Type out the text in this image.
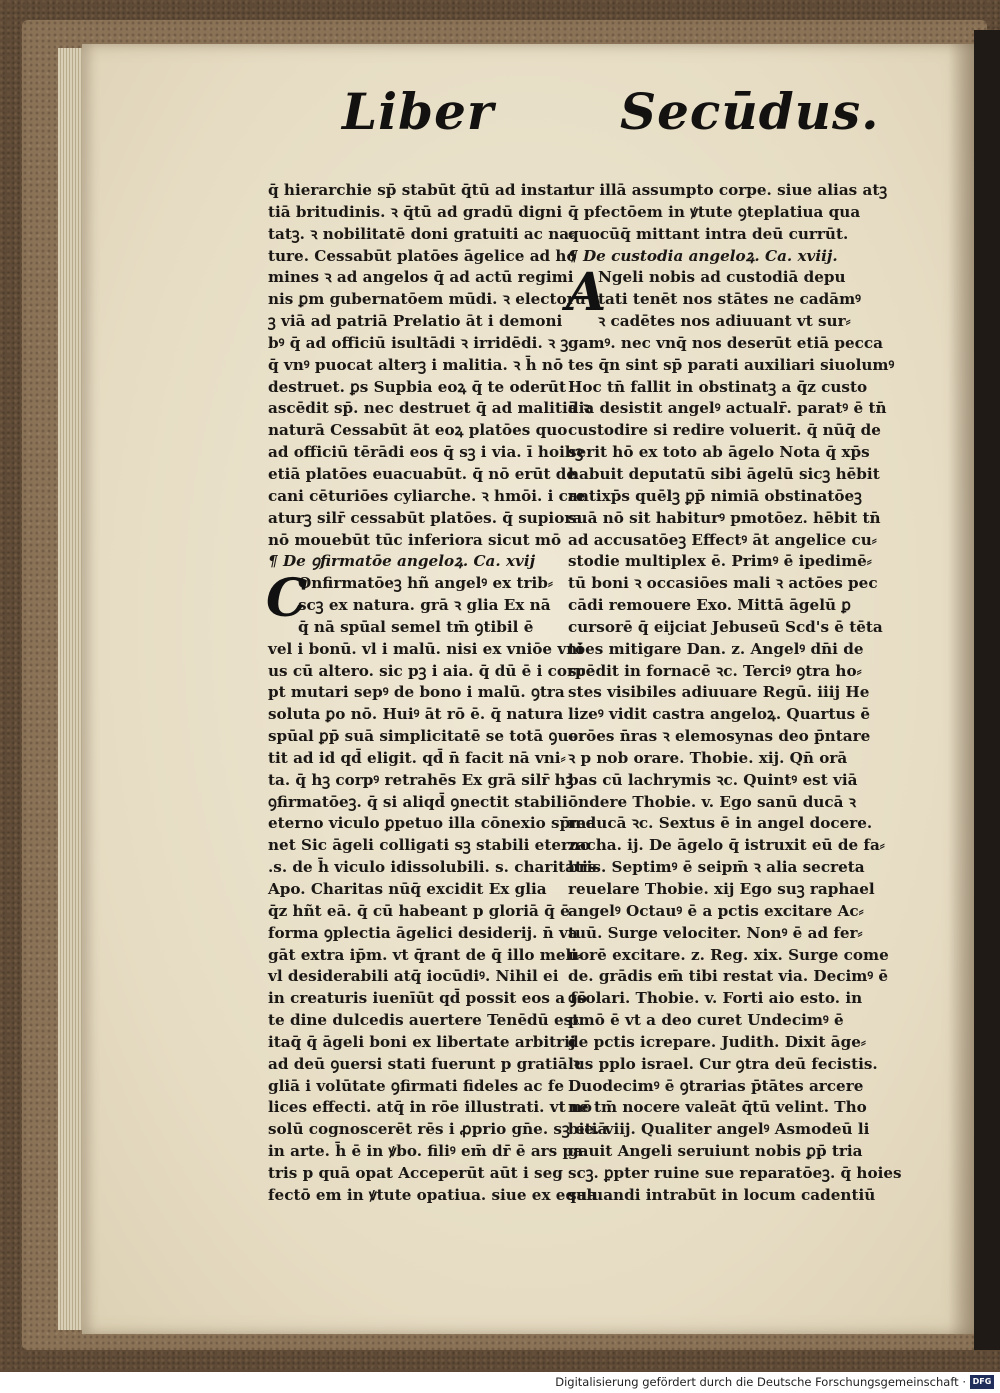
Liber	Secūdus.
q̄ hierarchie sp̄ stabūt q̄tū ad instan
tiā britudinis. ꝛ q̄tū ad gradū digni
tatꝫ. ꝛ nobilitatē doni gratuiti ac na⸗
ture. Cessabūt platōes āgelice ad ho
mines ꝛ ad angelos q̄ ad actū regimi
nis ꝑm gubernatōem mūdi. ꝛ electorū
ꝫ viā ad patriā Prelatio āt i demoni
bꝰ q̄ ad officiū isultādi ꝛ irridēdi. ꝛ ꝫ
q̄ vnꝰ puocat alterꝫ i malitia. ꝛ h̄ nō
destruet. ꝑs Supbia eoꝝ q̄ te oderūt
ascēdit sp̄. nec destruet q̄ ad malitiā ꝛ
naturā Cessabūt āt eoꝝ platōes quo
ad officiū tērādi eos q̄ sꝫ i via. ī hoibꝫ
etiā platōes euacuabūt. q̄ nō erūt de
cani cēturiōes cyliarche. ꝛ hmōi. i cre
aturꝫ silr̄ cessabūt platōes. q̄ supiora
nō mouebūt tūc inferiora sicut mō
¶ De ꝯfirmatōe angeloꝝ. Ca. xvij
C
Onfirmatōeꝫ hñ angelꝰ ex trib⸗
scꝫ ex natura. grā ꝛ glia Ex nā
q̄ nā spūal semel tm̄ ꝯtibil ē
vel i bonū. vl i malū. nisi ex vniōe vni
us cū altero. sic pꝫ i aia. q̄ dū ē i corpe
pt mutari sepꝰ de bono i malū. ꝯtra
soluta ꝑo nō. Huiꝰ āt rō ē. q̄ natura
spūal ꝑp̄ suā simplicitatē se totā ꝯuer
tit ad id qd̄ eligit. qd̄ n̄ facit nā vni⸗
ta. q̄ hꝫ corpꝰ retrahēs Ex grā silr̄ hꝫ
ꝯfirmatōeꝫ. q̄ si aliqd̄ ꝯnectit stabili
eterno viculo ꝑpetuo illa cōnexio sp̄ma
net Sic āgeli colligati sꝫ stabili eterno
.s. de h̄ viculo idissolubili. s. charitatis
Apo. Charitas nūq̄ excidit Ex glia
q̄z hñt eā. q̄ cū habeant p gloriā q̄ ē
forma ꝯplectia āgelici desiderij. n̄ va
gāt extra ip̄m. vt q̄rant de q̄ illo meli⸗
vl desiderabili atq̄ iocūdiꝰ. Nihil ei
in creaturis iuenīūt qd̄ possit eos a fō
te dine dulcedis auertere Tenēdū est
itaq̄ q̄ āgeli boni ex libertate arbitrij
ad deū ꝯuersi stati fuerunt p gratiā ꝛ
gliā i volūtate ꝯfirmati fideles ac fe
lices effecti. atq̄ in rōe illustrati. vt nō
solū cognoscerēt rēs i ꝓprio gn̄e. sꝫ etiā
in arte. h̄ ē in ꝟbo. filiꝰ em̄ dr̄ ē ars pa
tris p quā opat Acceperūt aūt i seg
fectō em in ꝟtute opatiua. siue ex equa
tur illā assumpto corpe. siue alias atꝫ
q̄ pfectōem in ꝟtute ꝯteplatiua qua
quocūq̄ mittant intra deū currūt.
¶ De custodia angeloꝝ. Ca. xviij.
A
Ngeli nobis ad custodiā depu
tati tenēt nos stātes ne cadāmꝰ
ꝛ cadētes nos adiuuant vt sur⸗
gamꝰ. nec vnq̄ nos deserūt etiā pecca
tes q̄n sint sp̄ parati auxiliari siuolumꝰ
Hoc tn̄ fallit in obstinatꝫ a q̄z custo
dia desistit angelꝰ actualr̄. paratꝰ ē tn̄
custodire si redire voluerit. q̄ nūq̄ de
serit hō ex toto ab āgelo Nota q̄ xp̄s
habuit deputatū sibi āgelū sicꝫ hēbit
antixp̄s quēlꝫ ꝑp̄ nimiā obstinatōeꝫ
suā nō sit habiturꝰ pmotōez. hēbit tn̄
ad accusatōeꝫ Effectꝰ āt angelice cu⸗
stodie multiplex ē. Primꝰ ē ipedimē⸗
tū boni ꝛ occasiōes mali ꝛ actōes pec
cādi remouere Exo. Mittā āgelū ꝑ
cursorē q̄ eijciat Jebuseū Scd's ē tēta
tōes mitigare Dan. z. Angelꝰ dn̄i de
scēdit in fornacē ꝛc. Terciꝰ ꝯtra ho⸗
stes visibiles adiuuare Regū. iiij He
lizeꝰ vidit castra angeloꝝ. Quartus ē
orōes n̄ras ꝛ elemosynas deo p̄ntare
ꝛ p nob orare. Thobie. xij. Qn̄ orā
bas cū lachrymis ꝛc. Quintꝰ est viā
ōndere Thobie. v. Ego sanū ducā ꝛ
reducā ꝛc. Sextus ē in angel docere.
zacha. ij. De āgelo q̄ istruxit eū de fa⸗
bris. Septimꝰ ē seipm̄ ꝛ alia secreta
reuelare Thobie. xij Ego suꝫ raphael
angelꝰ Octauꝰ ē a pctis excitare Ac⸗
tuū. Surge velociter. Nonꝰ ē ad fer⸗
uorē excitare. z. Reg. xix. Surge come
de. grādis em̄ tibi restat via. Decimꝰ ē
ꝯsolari. Thobie. v. Forti aio esto. in
pmō ē vt a deo curet Undecimꝰ ē
de pctis icrepare. Judith. Dixit āge⸗
lus pplo israel. Cur ꝯtra deū fecistis.
Duodecimꝰ ē ꝯtrarias p̄tātes arcere
ne tm̄ nocere valeāt q̄tū velint. Tho
bie. viij. Qualiter angelꝰ Asmodeū li
gauit Angeli seruiunt nobis ꝑp̄ tria
scꝫ. ꝑpter ruine sue reparatōeꝫ. q̄ hoies
saluandi intrabūt in locum cadentiū
Digitalisierung gefördert durch die Deutsche Forschungsgemeinschaft · DFG
